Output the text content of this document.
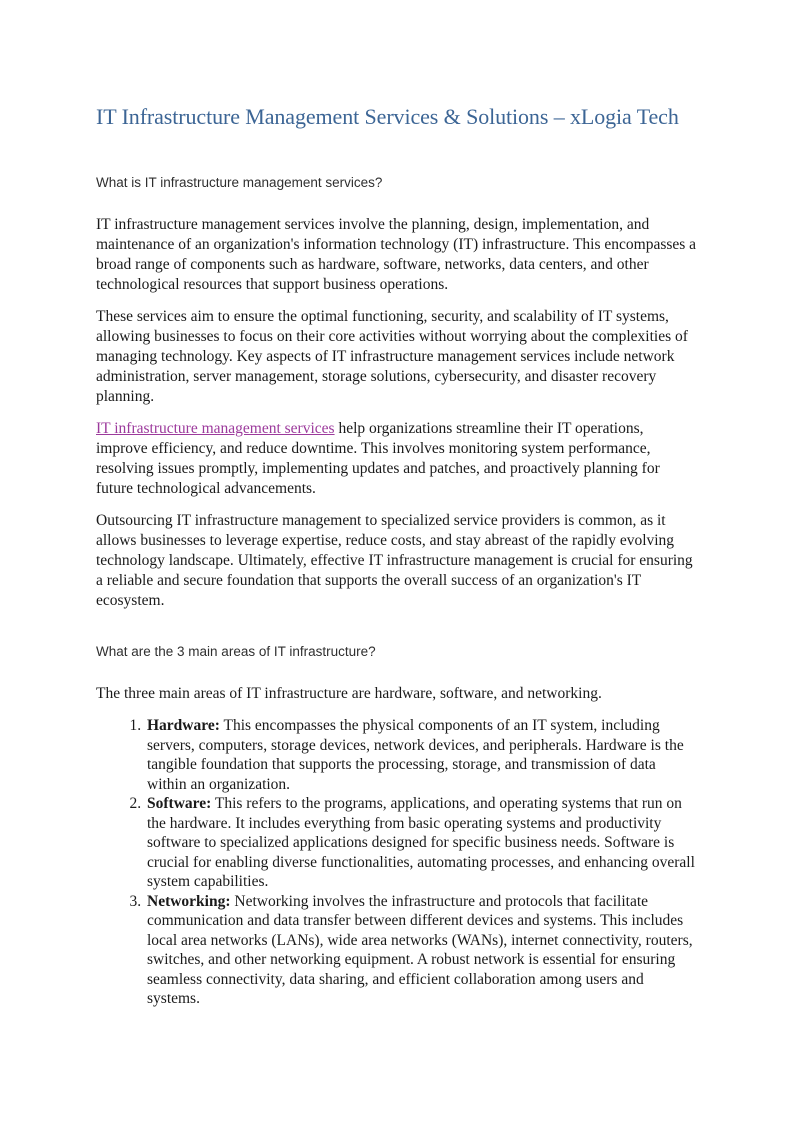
IT Infrastructure Management Services & Solutions – xLogia Tech
What is IT infrastructure management services?

IT infrastructure management services involve the planning, design, implementation, and maintenance of an organization's information technology (IT) infrastructure. This encompasses a broad range of components such as hardware, software, networks, data centers, and other technological resources that support business operations.

These services aim to ensure the optimal functioning, security, and scalability of IT systems, allowing businesses to focus on their core activities without worrying about the complexities of managing technology. Key aspects of IT infrastructure management services include network administration, server management, storage solutions, cybersecurity, and disaster recovery planning.

IT infrastructure management services help organizations streamline their IT operations, improve efficiency, and reduce downtime. This involves monitoring system performance, resolving issues promptly, implementing updates and patches, and proactively planning for future technological advancements.

Outsourcing IT infrastructure management to specialized service providers is common, as it allows businesses to leverage expertise, reduce costs, and stay abreast of the rapidly evolving technology landscape. Ultimately, effective IT infrastructure management is crucial for ensuring a reliable and secure foundation that supports the overall success of an organization's IT ecosystem.

What are the 3 main areas of IT infrastructure?

The three main areas of IT infrastructure are hardware, software, and networking.

1. Hardware: This encompasses the physical components of an IT system, including servers, computers, storage devices, network devices, and peripherals. Hardware is the tangible foundation that supports the processing, storage, and transmission of data within an organization.
2. Software: This refers to the programs, applications, and operating systems that run on the hardware. It includes everything from basic operating systems and productivity software to specialized applications designed for specific business needs. Software is crucial for enabling diverse functionalities, automating processes, and enhancing overall system capabilities.
3. Networking: Networking involves the infrastructure and protocols that facilitate communication and data transfer between different devices and systems. This includes local area networks (LANs), wide area networks (WANs), internet connectivity, routers, switches, and other networking equipment. A robust network is essential for ensuring seamless connectivity, data sharing, and efficient collaboration among users and systems.
